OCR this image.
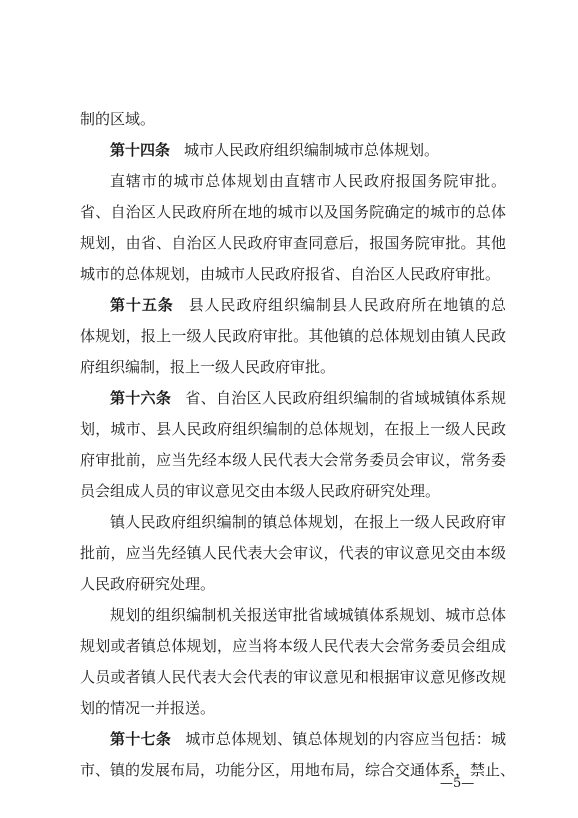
制的区域。
第十四条 城市人民政府组织编制城市总体规划。
直辖市的城市总体规划由直辖市人民政府报国务院审批。
省、自治区人民政府所在地的城市以及国务院确定的城市的总体
规划，由省、自治区人民政府审查同意后，报国务院审批。其他
城市的总体规划，由城市人民政府报省、自治区人民政府审批。
第十五条 县人民政府组织编制县人民政府所在地镇的总
体规划，报上一级人民政府审批。其他镇的总体规划由镇人民政
府组织编制，报上一级人民政府审批。
第十六条 省、自治区人民政府组织编制的省域城镇体系规
划，城市、县人民政府组织编制的总体规划，在报上一级人民政
府审批前，应当先经本级人民代表大会常务委员会审议，常务委
员会组成人员的审议意见交由本级人民政府研究处理。
镇人民政府组织编制的镇总体规划，在报上一级人民政府审
批前，应当先经镇人民代表大会审议，代表的审议意见交由本级
人民政府研究处理。
规划的组织编制机关报送审批省域城镇体系规划、城市总体
规划或者镇总体规划，应当将本级人民代表大会常务委员会组成
人员或者镇人民代表大会代表的审议意见和根据审议意见修改规
划的情况一并报送。
第十七条 城市总体规划、镇总体规划的内容应当包括：城
市、镇的发展布局，功能分区，用地布局，综合交通体系，禁止、
—5—
